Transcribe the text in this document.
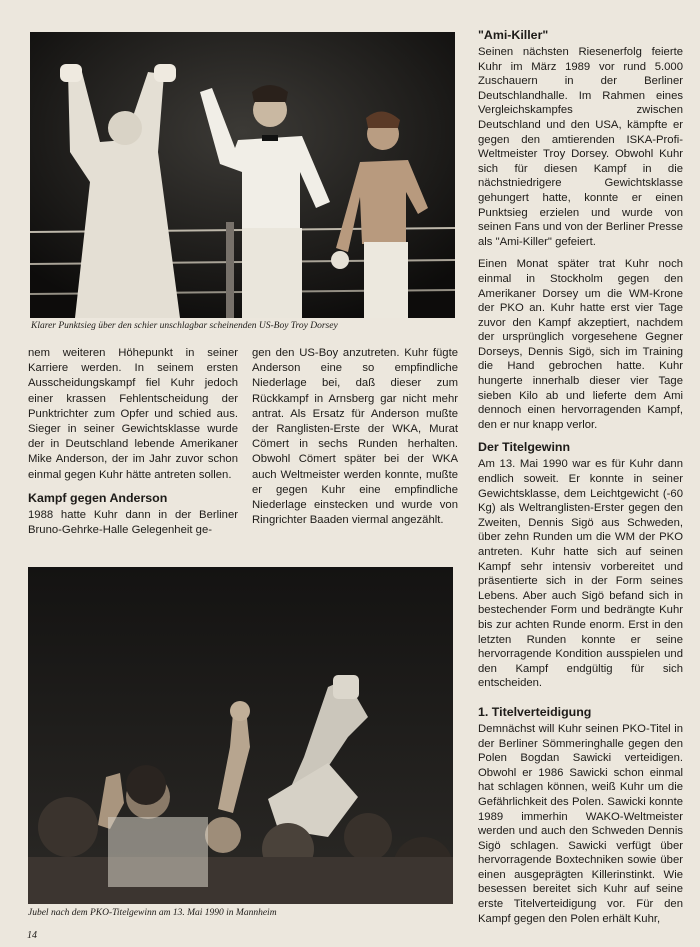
Klarer Punktsieg über den schier unschlagbar scheinenden US-Boy Troy Dorsey

nem weiteren Höhepunkt in seiner Karriere werden. In seinem ersten Ausscheidungskampf fiel Kuhr jedoch einer krassen Fehlentscheidung der Punktrichter zum Opfer und schied aus. Sieger in seiner Gewichtsklasse wurde der in Deutschland lebende Amerikaner Mike Anderson, der im Jahr zuvor schon einmal gegen Kuhr hätte antreten sollen.

Kampf gegen Anderson

1988 hatte Kuhr dann in der Berliner Bruno-Gehrke-Halle Gelegenheit ge-

gen den US-Boy anzutreten. Kuhr fügte Anderson eine so empfindliche Niederlage bei, daß dieser zum Rückkampf in Arnsberg gar nicht mehr antrat. Als Ersatz für Anderson mußte der Ranglisten-Erste der WKA, Murat Cömert in sechs Runden herhalten. Obwohl Cömert später bei der WKA auch Weltmeister werden konnte, mußte er gegen Kuhr eine empfindliche Niederlage einstecken und wurde von Ringrichter Baaden viermal angezählt.

Jubel nach dem PKO-Titelgewinn am 13. Mai 1990 in Mannheim
"Ami-Killer"

Seinen nächsten Riesenerfolg feierte Kuhr im März 1989 vor rund 5.000 Zuschauern in der Berliner Deutschlandhalle. Im Rahmen eines Vergleichskampfes zwischen Deutschland und den USA, kämpfte er gegen den amtierenden ISKA-Profi-Weltmeister Troy Dorsey. Obwohl Kuhr sich für diesen Kampf in die nächstniedrigere Gewichtsklasse gehungert hatte, konnte er einen Punktsieg erzielen und wurde von seinen Fans und von der Berliner Presse als "Ami-Killer" gefeiert.

Einen Monat später trat Kuhr noch einmal in Stockholm gegen den Amerikaner Dorsey um die WM-Krone der PKO an. Kuhr hatte erst vier Tage zuvor den Kampf akzeptiert, nachdem der ursprünglich vorgesehene Gegner Dorseys, Dennis Sigö, sich im Training die Hand gebrochen hatte. Kuhr hungerte innerhalb dieser vier Tage sieben Kilo ab und lieferte dem Ami dennoch einen hervorragenden Kampf, den er nur knapp verlor.

Der Titelgewinn

Am 13. Mai 1990 war es für Kuhr dann endlich soweit. Er konnte in seiner Gewichtsklasse, dem Leichtgewicht (-60 Kg) als Weltranglisten-Erster gegen den Zweiten, Dennis Sigö aus Schweden, über zehn Runden um die WM der PKO antreten. Kuhr hatte sich auf seinen Kampf sehr intensiv vorbereitet und präsentierte sich in der Form seines Lebens. Aber auch Sigö befand sich in bestechender Form und bedrängte Kuhr bis zur achten Runde enorm. Erst in den letzten Runden konnte er seine hervorragende Kondition ausspielen und den Kampf endgültig für sich entscheiden.

1. Titelverteidigung

Demnächst will Kuhr seinen PKO-Titel in der Berliner Sömmeringhalle gegen den Polen Bogdan Sawicki verteidigen. Obwohl er 1986 Sawicki schon einmal hat schlagen können, weiß Kuhr um die Gefährlichkeit des Polen. Sawicki konnte 1989 immerhin WAKO-Weltmeister werden und auch den Schweden Dennis Sigö schlagen. Sawicki verfügt über hervorragende Boxtechniken sowie über einen ausgeprägten Killerinstinkt. Wie besessen bereitet sich Kuhr auf seine erste Titelverteidigung vor. Für den Kampf gegen den Polen erhält Kuhr,

14
